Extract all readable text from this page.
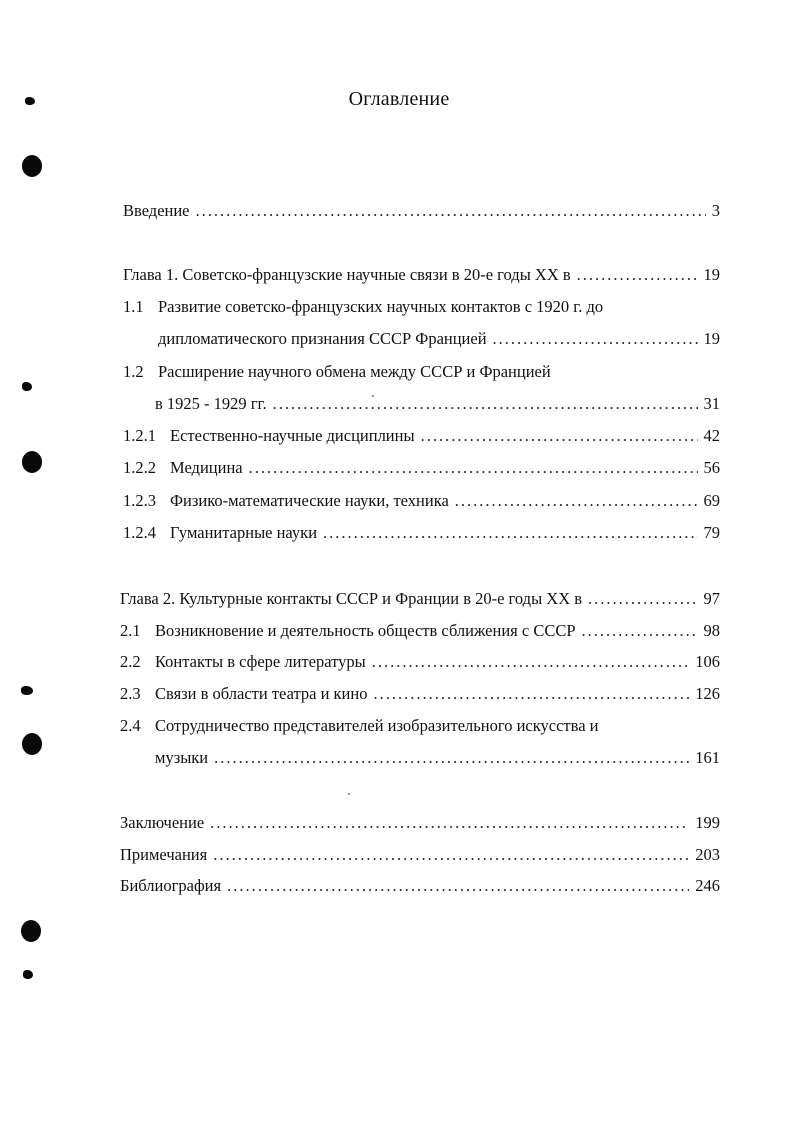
Оглавление
Введение .....	3
Глава 1. Советско-французские научные связи в 20-е годы XX в .....	19
1.1 Развитие советско-французских научных контактов с 1920 г. до
дипломатического признания СССР Францией .....	19
1.2 Расширение научного обмена между СССР и Францией
в 1925 - 1929 гг. .....	31
1.2.1 Естественно-научные дисциплины .....	42
1.2.2 Медицина .....	56
1.2.3 Физико-математические науки, техника .....	69
1.2.4 Гуманитарные науки .....	79
Глава 2. Культурные контакты СССР и Франции в 20-е годы XX в .....	97
2.1 Возникновение и деятельность обществ сближения с СССР .....	98
2.2 Контакты в сфере литературы .....	106
2.3 Связи в области театра и кино .....	126
2.4 Сотрудничество представителей изобразительного искусства и
музыки .....	161
Заключение .....	199
Примечания .....	203
Библиография .....	246
